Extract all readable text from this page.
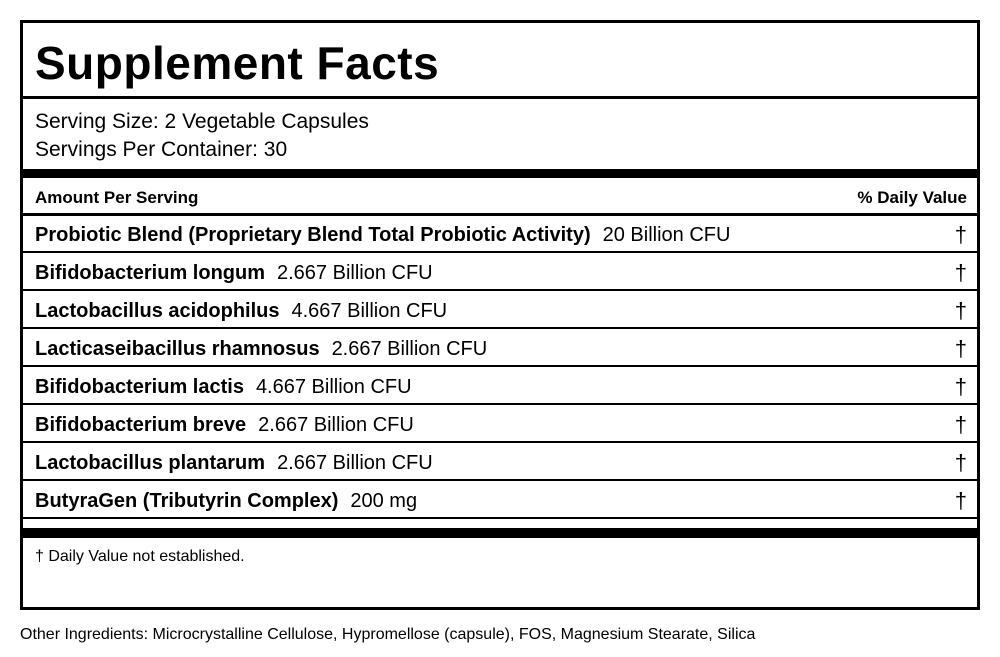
Supplement Facts
Serving Size: 2 Vegetable Capsules
Servings Per Container: 30
Amount Per Serving	% Daily Value
Probiotic Blend (Proprietary Blend Total Probiotic Activity) 20 Billion CFU	†
Bifidobacterium longum 2.667 Billion CFU	†
Lactobacillus acidophilus 4.667 Billion CFU	†
Lacticaseibacillus rhamnosus 2.667 Billion CFU	†
Bifidobacterium lactis 4.667 Billion CFU	†
Bifidobacterium breve 2.667 Billion CFU	†
Lactobacillus plantarum 2.667 Billion CFU	†
ButyraGen (Tributyrin Complex) 200 mg	†
† Daily Value not established.
Other Ingredients: Microcrystalline Cellulose, Hypromellose (capsule), FOS, Magnesium Stearate, Silica
